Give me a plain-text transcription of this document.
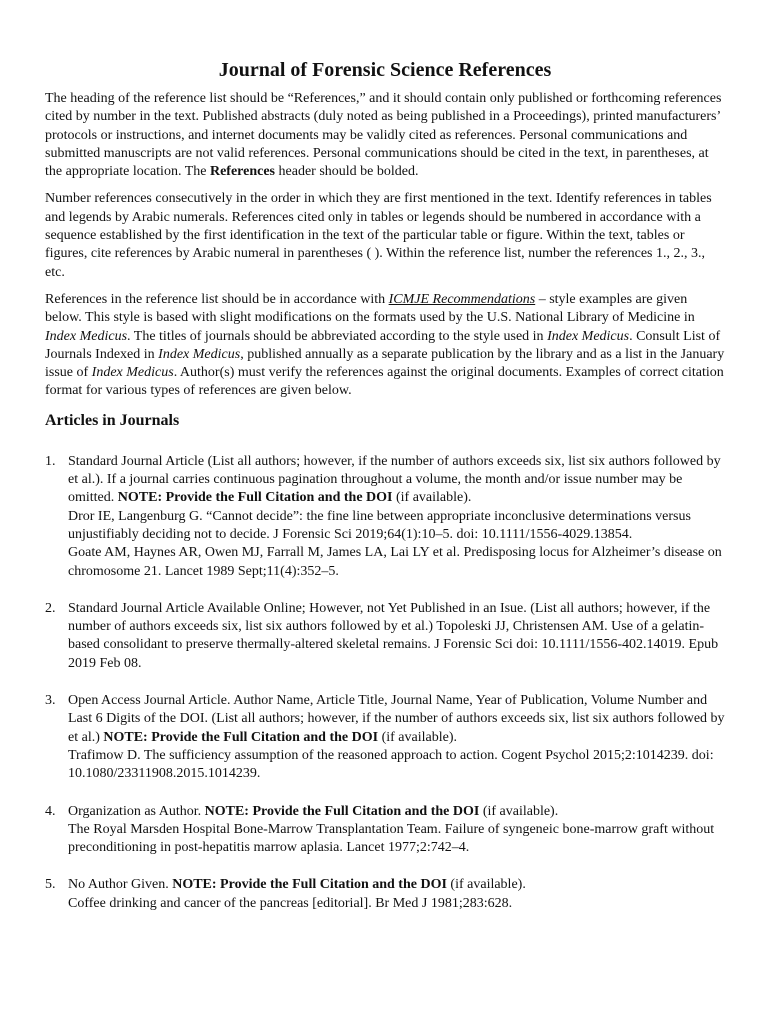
Journal of Forensic Science References

The heading of the reference list should be “References,” and it should contain only published or forthcoming references cited by number in the text. Published abstracts (duly noted as being published in a Proceedings), printed manufacturers’ protocols or instructions, and internet documents may be validly cited as references. Personal communications and submitted manuscripts are not valid references. Personal communications should be cited in the text, in parentheses, at the appropriate location. The References header should be bolded.

Number references consecutively in the order in which they are first mentioned in the text. Identify references in tables and legends by Arabic numerals. References cited only in tables or legends should be numbered in accordance with a sequence established by the first identification in the text of the particular table or figure. Within the text, tables or figures, cite references by Arabic numeral in parentheses ( ). Within the reference list, number the references 1., 2., 3., etc.

References in the reference list should be in accordance with ICMJE Recommendations – style examples are given below. This style is based with slight modifications on the formats used by the U.S. National Library of Medicine in Index Medicus. The titles of journals should be abbreviated according to the style used in Index Medicus. Consult List of Journals Indexed in Index Medicus, published annually as a separate publication by the library and as a list in the January issue of Index Medicus. Author(s) must verify the references against the original documents. Examples of correct citation format for various types of references are given below.

Articles in Journals
1. Standard Journal Article (List all authors; however, if the number of authors exceeds six, list six authors followed by et al.). If a journal carries continuous pagination throughout a volume, the month and/or issue number may be omitted. NOTE: Provide the Full Citation and the DOI (if available).
Dror IE, Langenburg G. “Cannot decide”: the fine line between appropriate inconclusive determinations versus unjustifiably deciding not to decide. J Forensic Sci 2019;64(1):10–5. doi: 10.1111/1556-4029.13854.
Goate AM, Haynes AR, Owen MJ, Farrall M, James LA, Lai LY et al. Predisposing locus for Alzheimer’s disease on chromosome 21. Lancet 1989 Sept;11(4):352–5.
2. Standard Journal Article Available Online; However, not Yet Published in an Isue. (List all authors; however, if the number of authors exceeds six, list six authors followed by et al.) Topoleski JJ, Christensen AM. Use of a gelatin-based consolidant to preserve thermally-altered skeletal remains. J Forensic Sci doi: 10.1111/1556-402.14019. Epub 2019 Feb 08.
3. Open Access Journal Article. Author Name, Article Title, Journal Name, Year of Publication, Volume Number and Last 6 Digits of the DOI. (List all authors; however, if the number of authors exceeds six, list six authors followed by et al.) NOTE: Provide the Full Citation and the DOI (if available).
Trafimow D. The sufficiency assumption of the reasoned approach to action. Cogent Psychol 2015;2:1014239. doi: 10.1080/23311908.2015.1014239.
4. Organization as Author. NOTE: Provide the Full Citation and the DOI (if available).
The Royal Marsden Hospital Bone-Marrow Transplantation Team. Failure of syngeneic bone-marrow graft without preconditioning in post-hepatitis marrow aplasia. Lancet 1977;2:742–4.
5. No Author Given. NOTE: Provide the Full Citation and the DOI (if available).
Coffee drinking and cancer of the pancreas [editorial]. Br Med J 1981;283:628.
